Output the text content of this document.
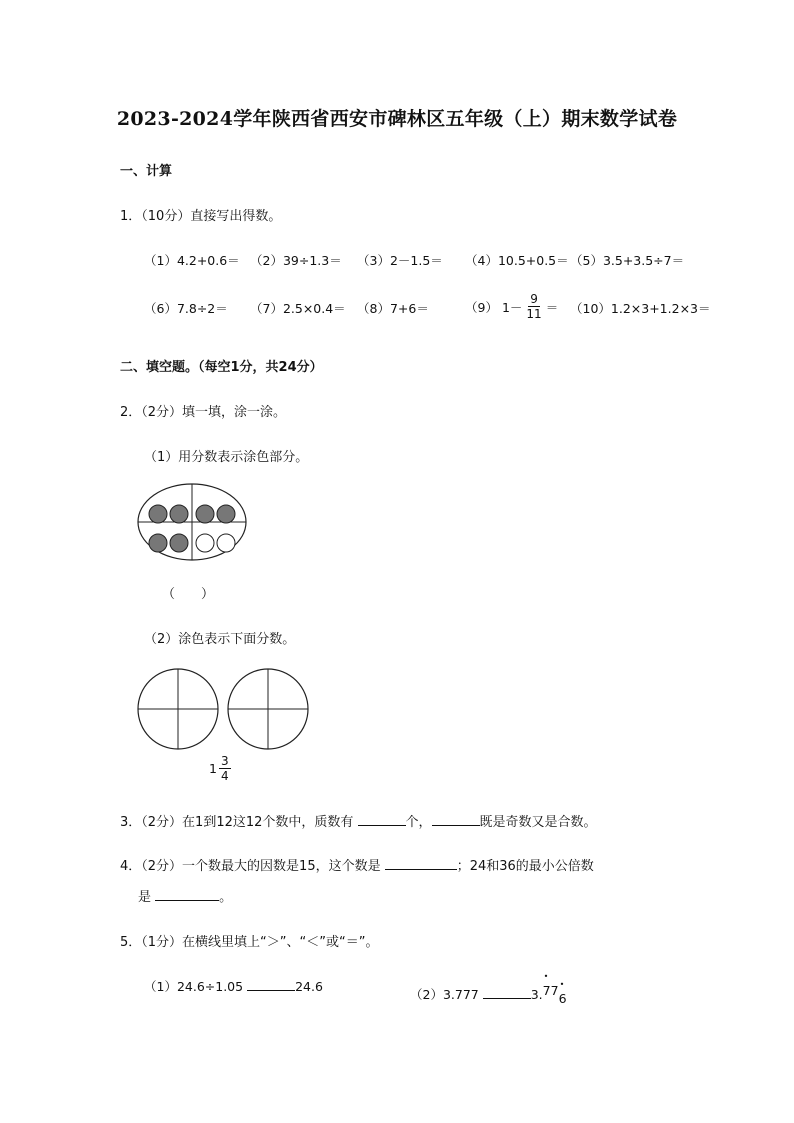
2023-2024学年陕西省西安市碑林区五年级（上）期末数学试卷
一、计算
1．（10分）直接写出得数。
（1）4.2+0.6＝ （2）39÷1.3＝ （3）2－1.5＝ （4）10.5+0.5＝ （5）3.5+3.5÷7＝
（6）7.8÷2＝ （7）2.5×0.4＝ （8）7+6＝	（9） $1- \frac{9}{11} = (10)1.2\times 3+1.2\times 3=$
二、填空题。（每空1分，共24分）
2．（2分）填一填，涂一涂。
（1）用分数表示涂色部分。
（　　）
（2）涂色表示下面分数。
$1 \frac{3}{4}$
3．（2分）在1到12这12个数中，质数有	个，	既是奇数又是合数。
4．（2分）一个数最大的因数是15，这个数是	；24和36的最小公倍数
是	。
5．（1分）在横线里填上“＞”、“＜”或“＝”。
（1）24.6÷1.05	24.6
（2）3.777	3.• 77• 6
